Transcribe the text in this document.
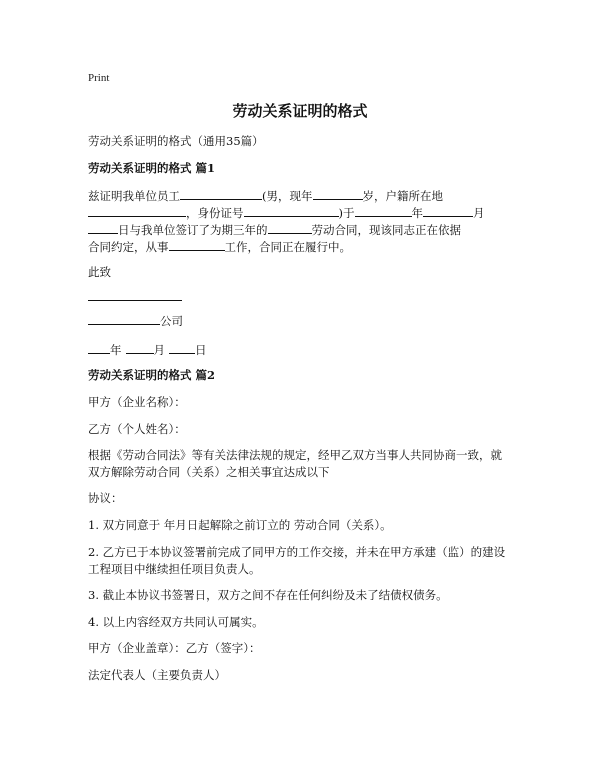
Print
劳动关系证明的格式
劳动关系证明的格式（通用35篇）
劳动关系证明的格式 篇1
兹证明我单位员工	(男，现年	岁，户籍所在地
，身份证号	)于	年	月
日与我单位签订了为期三年的	劳动合同，现该同志正在依据
合同约定，从事	工作，合同正在履行中。
此致
公司
年	月	日
劳动关系证明的格式 篇2
甲方（企业名称）：
乙方（个人姓名）：
根据《劳动合同法》等有关法律法规的规定，经甲乙双方当事人共同协商一致，就
双方解除劳动合同（关系）之相关事宜达成以下
协议：
1. 双方同意于 年月日起解除之前订立的 劳动合同（关系）。
2. 乙方已于本协议签署前完成了同甲方的工作交接，并未在甲方承建（监）的建设
工程项目中继续担任项目负责人。
3. 截止本协议书签署日，双方之间不存在任何纠纷及未了结债权债务。
4. 以上内容经双方共同认可属实。
甲方（企业盖章）：乙方（签字）：
法定代表人（主要负责人）
